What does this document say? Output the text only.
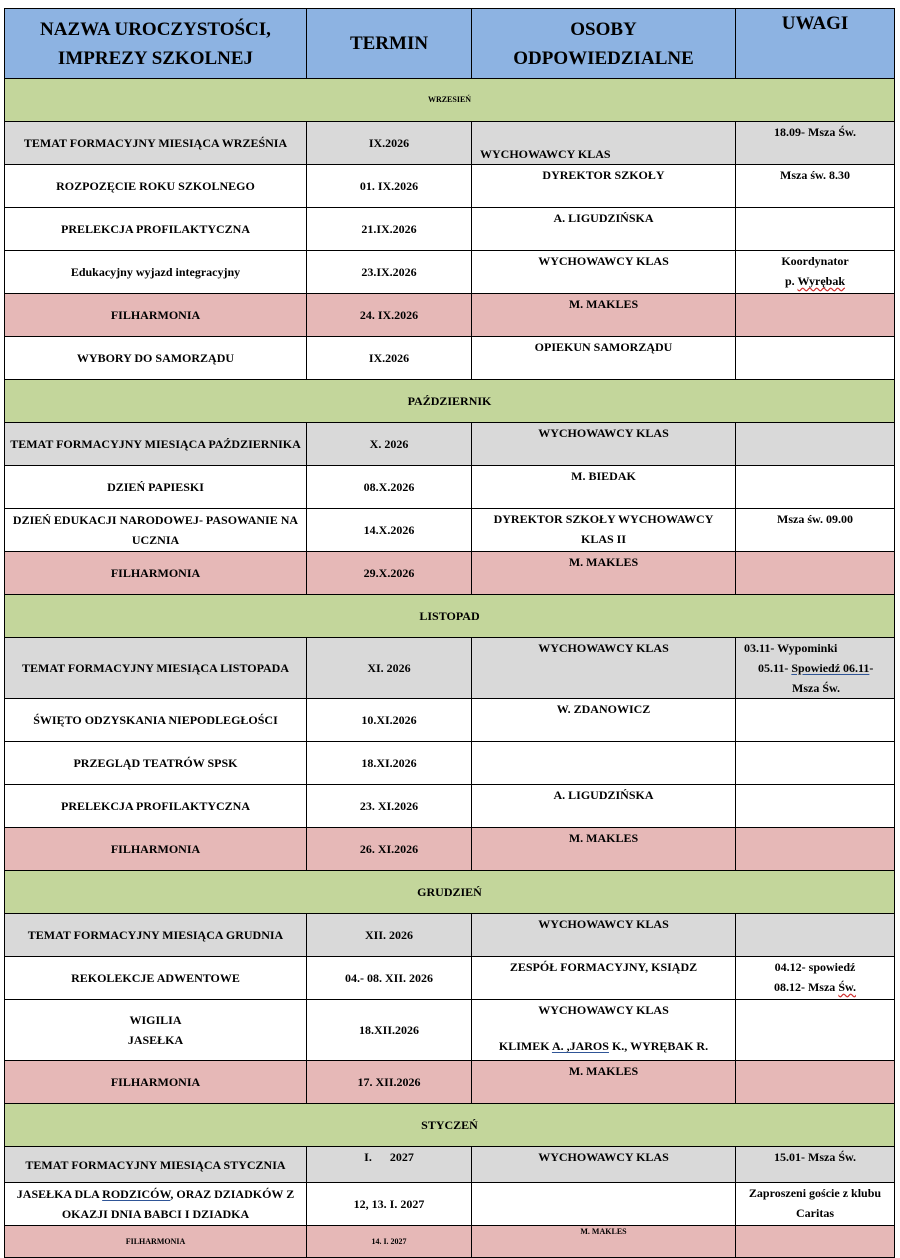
NAZWA UROCZYSTOŚCI,
IMPREZY SZKOLNEJ	TERMIN	OSOBY
ODPOWIEDZIALNE	UWAGI
WRZESIEŃ			
TEMAT FORMACYJNY MIESIĄCA WRZEŚNIA	IX.2026	WYCHOWAWCY KLAS	18.09- Msza Św.
ROZPOZĘCIE ROKU SZKOLNEGO	01. IX.2026	DYREKTOR SZKOŁY	Msza św. 8.30
PRELEKCJA PROFILAKTYCZNA	21.IX.2026	A. LIGUDZIŃSKA	
Edukacyjny wyjazd integracyjny	23.IX.2026	WYCHOWAWCY KLAS	Koordynator
p. Wyrębak

FILHARMONIA	24. IX.2026	M. MAKLES	
WYBORY DO SAMORZĄDU	IX.2026	OPIEKUN SAMORZĄDU	
PAŹDZIERNIK			
TEMAT FORMACYJNY MIESIĄCA PAŹDZIERNIKA	X. 2026	WYCHOWAWCY KLAS	
DZIEŃ PAPIESKI	08.X.2026	M. BIEDAK	

DZIEŃ EDUKACJI NARODOWEJ- PASOWANIE NA
UCZNIA	14.X.2026	DYREKTOR SZKOŁY WYCHOWAWCY
KLAS II	Msza św. 09.00
FILHARMONIA	29.X.2026	M. MAKLES	
LISTOPAD			
TEMAT FORMACYJNY MIESIĄCA LISTOPADA	XI. 2026	WYCHOWAWCY KLAS	03.11- Wypominki
05.11- Spowiedź 06.11-
Msza Św.

ŚWIĘTO ODZYSKANIA NIEPODLEGŁOŚCI	10.XI.2026	W. ZDANOWICZ	
PRZEGLĄD TEATRÓW SPSK	18.XI.2026		
PRELEKCJA PROFILAKTYCZNA	23. XI.2026	A. LIGUDZIŃSKA	
FILHARMONIA	26. XI.2026	M. MAKLES	
GRUDZIEŃ			
TEMAT FORMACYJNY MIESIĄCA GRUDNIA	XII. 2026	WYCHOWAWCY KLAS	
REKOLEKCJE ADWENTOWE	04.- 08. XII. 2026	ZESPÓŁ FORMACYJNY, KSIĄDZ	04.12- spowiedź
08.12- Msza Św.

WIGILIA
JASEŁKA	18.XII.2026	WYCHOWAWCY KLAS
KLIMEK A. ,JAROS K., WYRĘBAK R.	

FILHARMONIA	17. XII.2026	M. MAKLES	
STYCZEŃ			
TEMAT FORMACYJNY MIESIĄCA STYCZNIA	I.      2027	WYCHOWAWCY KLAS	15.01- Msza Św.

JASEŁKA DLA RODZICÓW, ORAZ DZIADKÓW Z
OKAZJI DNIA BABCI I DZIADKA	12, 13. I. 2027		Zaproszeni goście z klubu
Caritas

FILHARMONIA	14. I. 2027	M. MAKLES	
